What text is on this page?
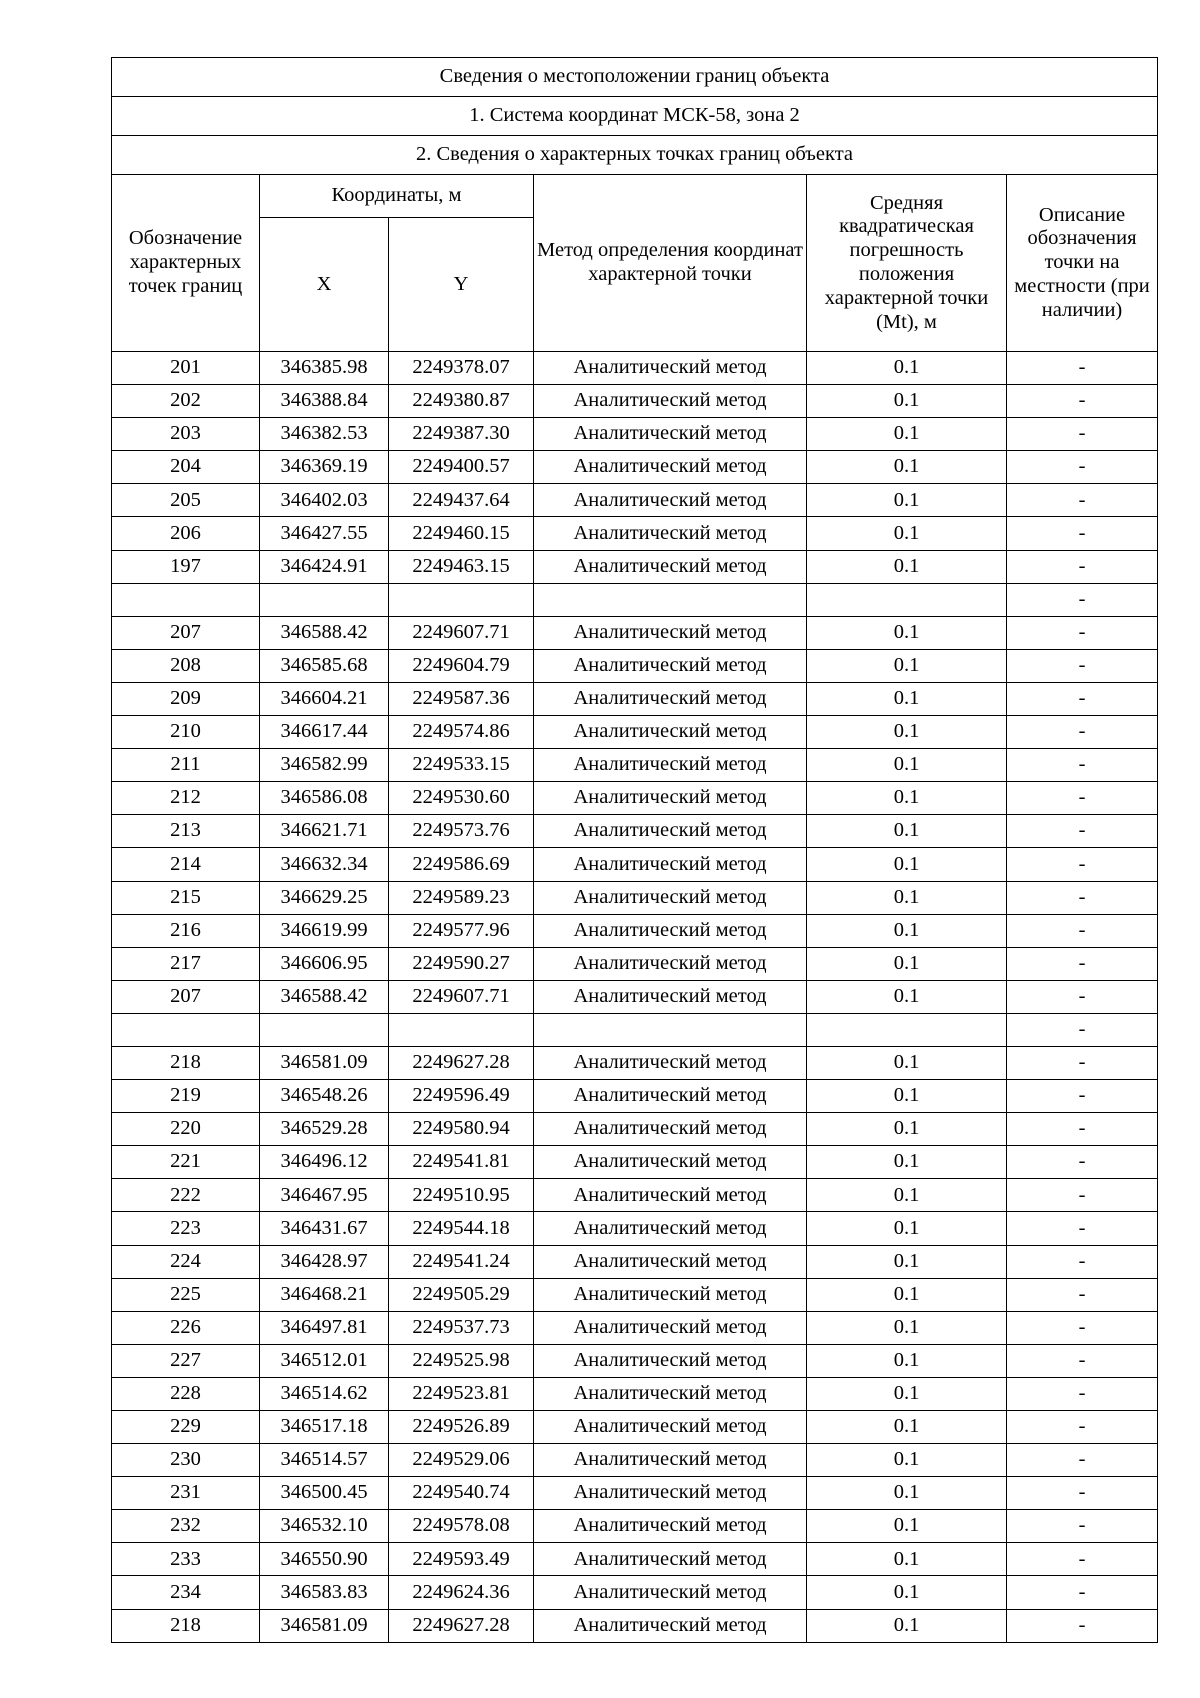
Сведения о местоположении границ объекта					
1. Система координат МСК-58, зона 2					
2. Сведения о характерных точках границ объекта					
Обозначение характерных точек границ	Координаты, м		Метод определения координат характерной точки	Средняя квадратическая погрешность положения характерной точки (Mt), м	Описание обозначения точки на местности (при наличии)
	X	Y			
201	346385.98	2249378.07	Аналитический метод	0.1	-
202	346388.84	2249380.87	Аналитический метод	0.1	-
203	346382.53	2249387.30	Аналитический метод	0.1	-
204	346369.19	2249400.57	Аналитический метод	0.1	-
205	346402.03	2249437.64	Аналитический метод	0.1	-
206	346427.55	2249460.15	Аналитический метод	0.1	-
197	346424.91	2249463.15	Аналитический метод	0.1	-
					-
207	346588.42	2249607.71	Аналитический метод	0.1	-
208	346585.68	2249604.79	Аналитический метод	0.1	-
209	346604.21	2249587.36	Аналитический метод	0.1	-
210	346617.44	2249574.86	Аналитический метод	0.1	-
211	346582.99	2249533.15	Аналитический метод	0.1	-
212	346586.08	2249530.60	Аналитический метод	0.1	-
213	346621.71	2249573.76	Аналитический метод	0.1	-
214	346632.34	2249586.69	Аналитический метод	0.1	-
215	346629.25	2249589.23	Аналитический метод	0.1	-
216	346619.99	2249577.96	Аналитический метод	0.1	-
217	346606.95	2249590.27	Аналитический метод	0.1	-
207	346588.42	2249607.71	Аналитический метод	0.1	-
					-
218	346581.09	2249627.28	Аналитический метод	0.1	-
219	346548.26	2249596.49	Аналитический метод	0.1	-
220	346529.28	2249580.94	Аналитический метод	0.1	-
221	346496.12	2249541.81	Аналитический метод	0.1	-
222	346467.95	2249510.95	Аналитический метод	0.1	-
223	346431.67	2249544.18	Аналитический метод	0.1	-
224	346428.97	2249541.24	Аналитический метод	0.1	-
225	346468.21	2249505.29	Аналитический метод	0.1	-
226	346497.81	2249537.73	Аналитический метод	0.1	-
227	346512.01	2249525.98	Аналитический метод	0.1	-
228	346514.62	2249523.81	Аналитический метод	0.1	-
229	346517.18	2249526.89	Аналитический метод	0.1	-
230	346514.57	2249529.06	Аналитический метод	0.1	-
231	346500.45	2249540.74	Аналитический метод	0.1	-
232	346532.10	2249578.08	Аналитический метод	0.1	-
233	346550.90	2249593.49	Аналитический метод	0.1	-
234	346583.83	2249624.36	Аналитический метод	0.1	-
218	346581.09	2249627.28	Аналитический метод	0.1	-
